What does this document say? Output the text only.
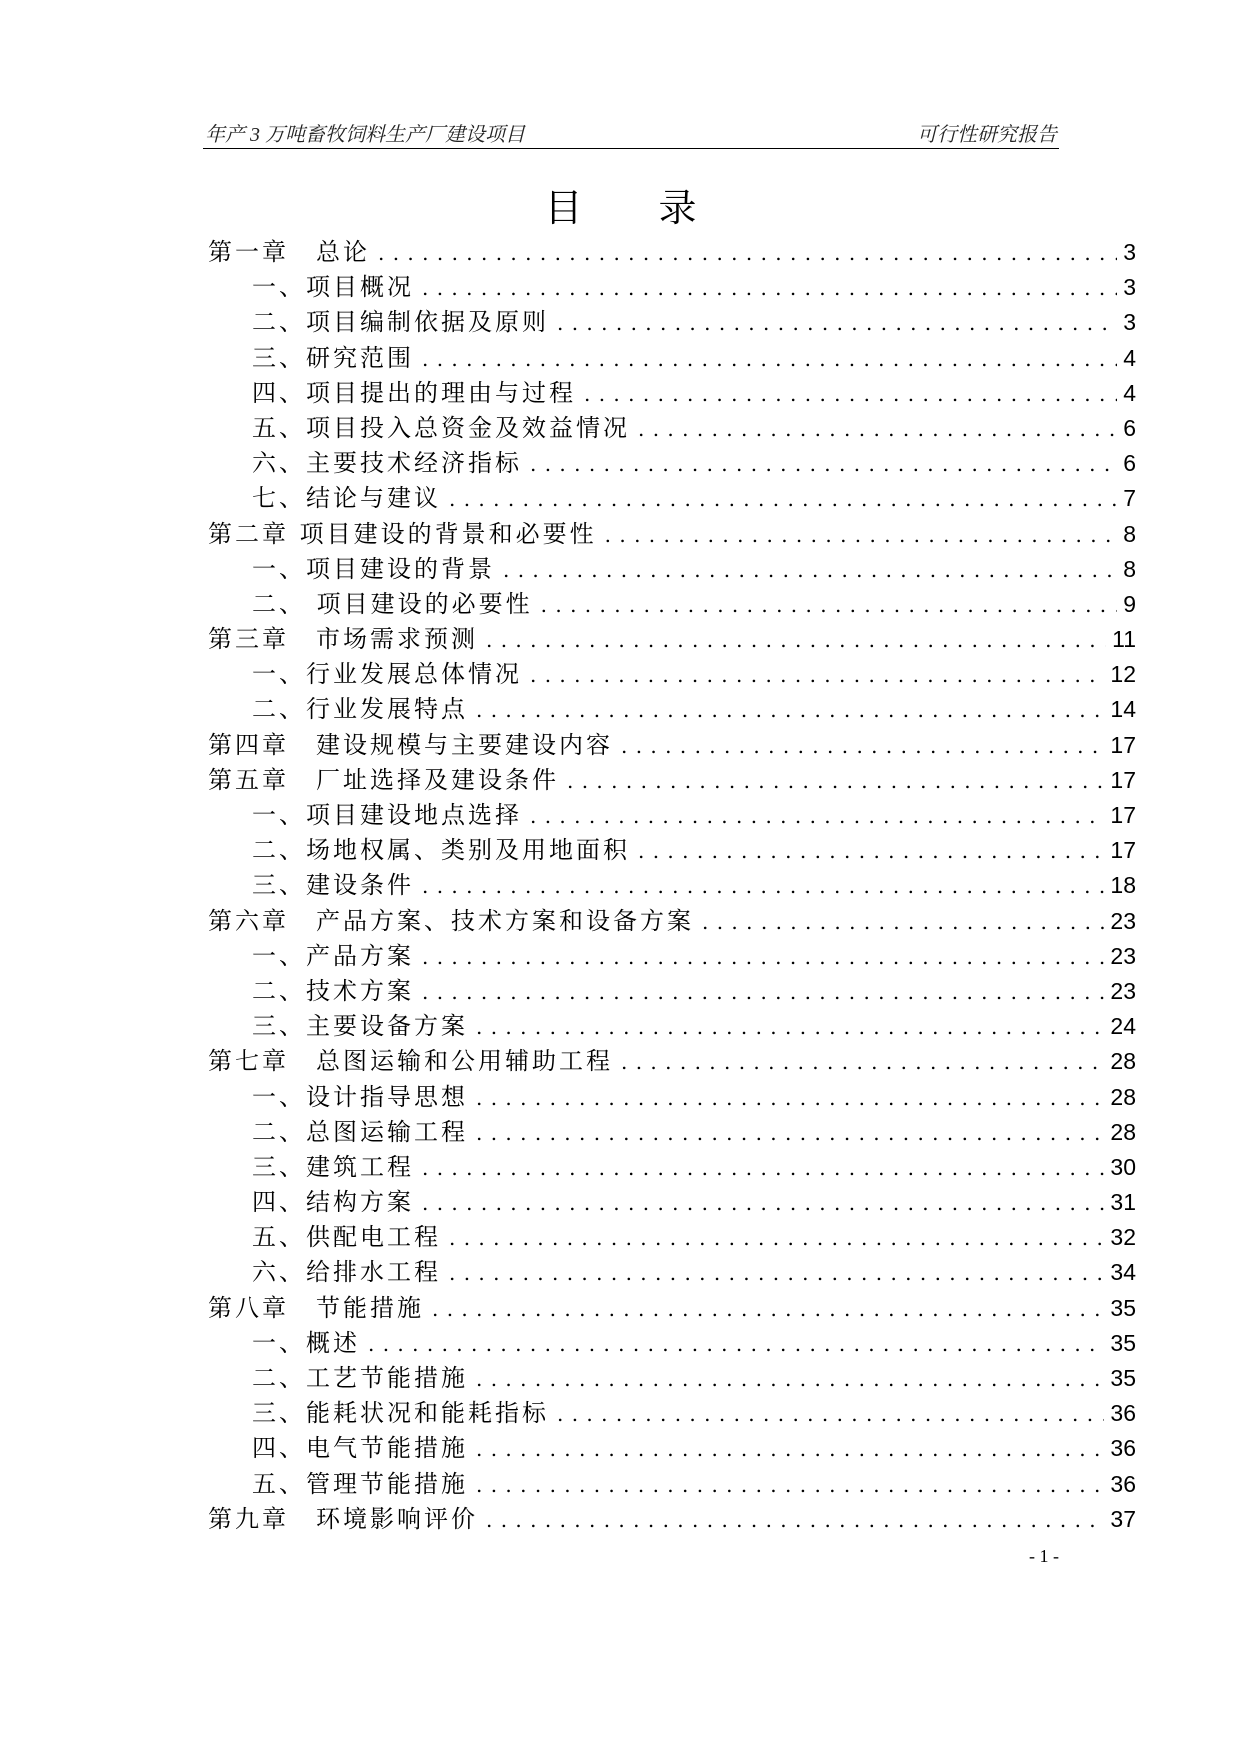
年产 3 万吨畜牧饲料生产厂建设项目	可行性研究报告
目 录
第一章　总论 . . .	3
一、项目概况 . . .	3
二、项目编制依据及原则 . . .	3
三、研究范围 . . .	4
四、项目提出的理由与过程 . . .	4
五、项目投入总资金及效益情况 . . .	6
六、主要技术经济指标 . . .	6
七、结论与建议 . . .	7
第二章 项目建设的背景和必要性 . . .	8
一、项目建设的背景 . . .	8
二、 项目建设的必要性 . . .	9
第三章　市场需求预测 . . .	11
一、行业发展总体情况 . . .	12
二、行业发展特点 . . .	14
第四章　建设规模与主要建设内容 . . .	17
第五章　厂址选择及建设条件 . . .	17
一、项目建设地点选择 . . .	17
二、场地权属、类别及用地面积 . . .	17
三、建设条件 . . .	18
第六章　产品方案、技术方案和设备方案 . . .	23
一、产品方案 . . .	23
二、技术方案 . . .	23
三、主要设备方案 . . .	24
第七章　总图运输和公用辅助工程 . . .	28
一、设计指导思想 . . .	28
二、总图运输工程 . . .	28
三、建筑工程 . . .	30
四、结构方案 . . .	31
五、供配电工程 . . .	32
六、给排水工程 . . .	34
第八章　节能措施 . . .	35
一、概述 . . .	35
二、工艺节能措施 . . .	35
三、能耗状况和能耗指标 . . .	36
四、电气节能措施 . . .	36
五、管理节能措施 . . .	36
第九章　环境影响评价 . . .	37
- 1 -
